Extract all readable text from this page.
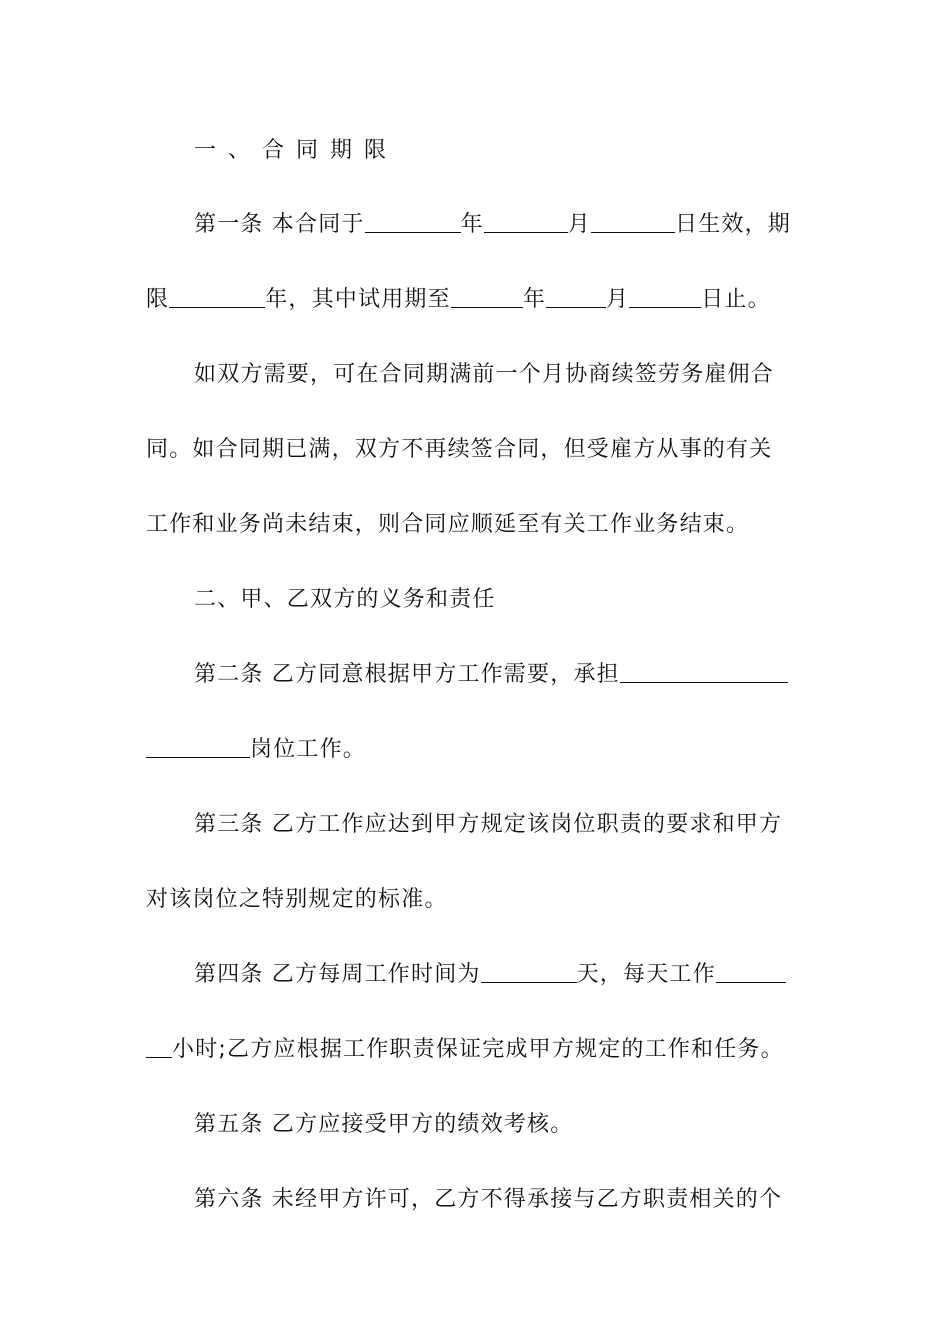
一、合同期限
第一条 本合同于	年	月	日生效，期
限	年，其中试用期至	年	月	日止。
如双方需要，可在合同期满前一个月协商续签劳务雇佣合
同。如合同期已满，双方不再续签合同，但受雇方从事的有关
工作和业务尚未结束，则合同应顺延至有关工作业务结束。
二、甲、乙双方的义务和责任
第二条 乙方同意根据甲方工作需要，承担
岗位工作。
第三条 乙方工作应达到甲方规定该岗位职责的要求和甲方
对该岗位之特别规定的标准。
第四条 乙方每周工作时间为	天，每天工作
小时;乙方应根据工作职责保证完成甲方规定的工作和任务。
第五条 乙方应接受甲方的绩效考核。
第六条 未经甲方许可，乙方不得承接与乙方职责相关的个
